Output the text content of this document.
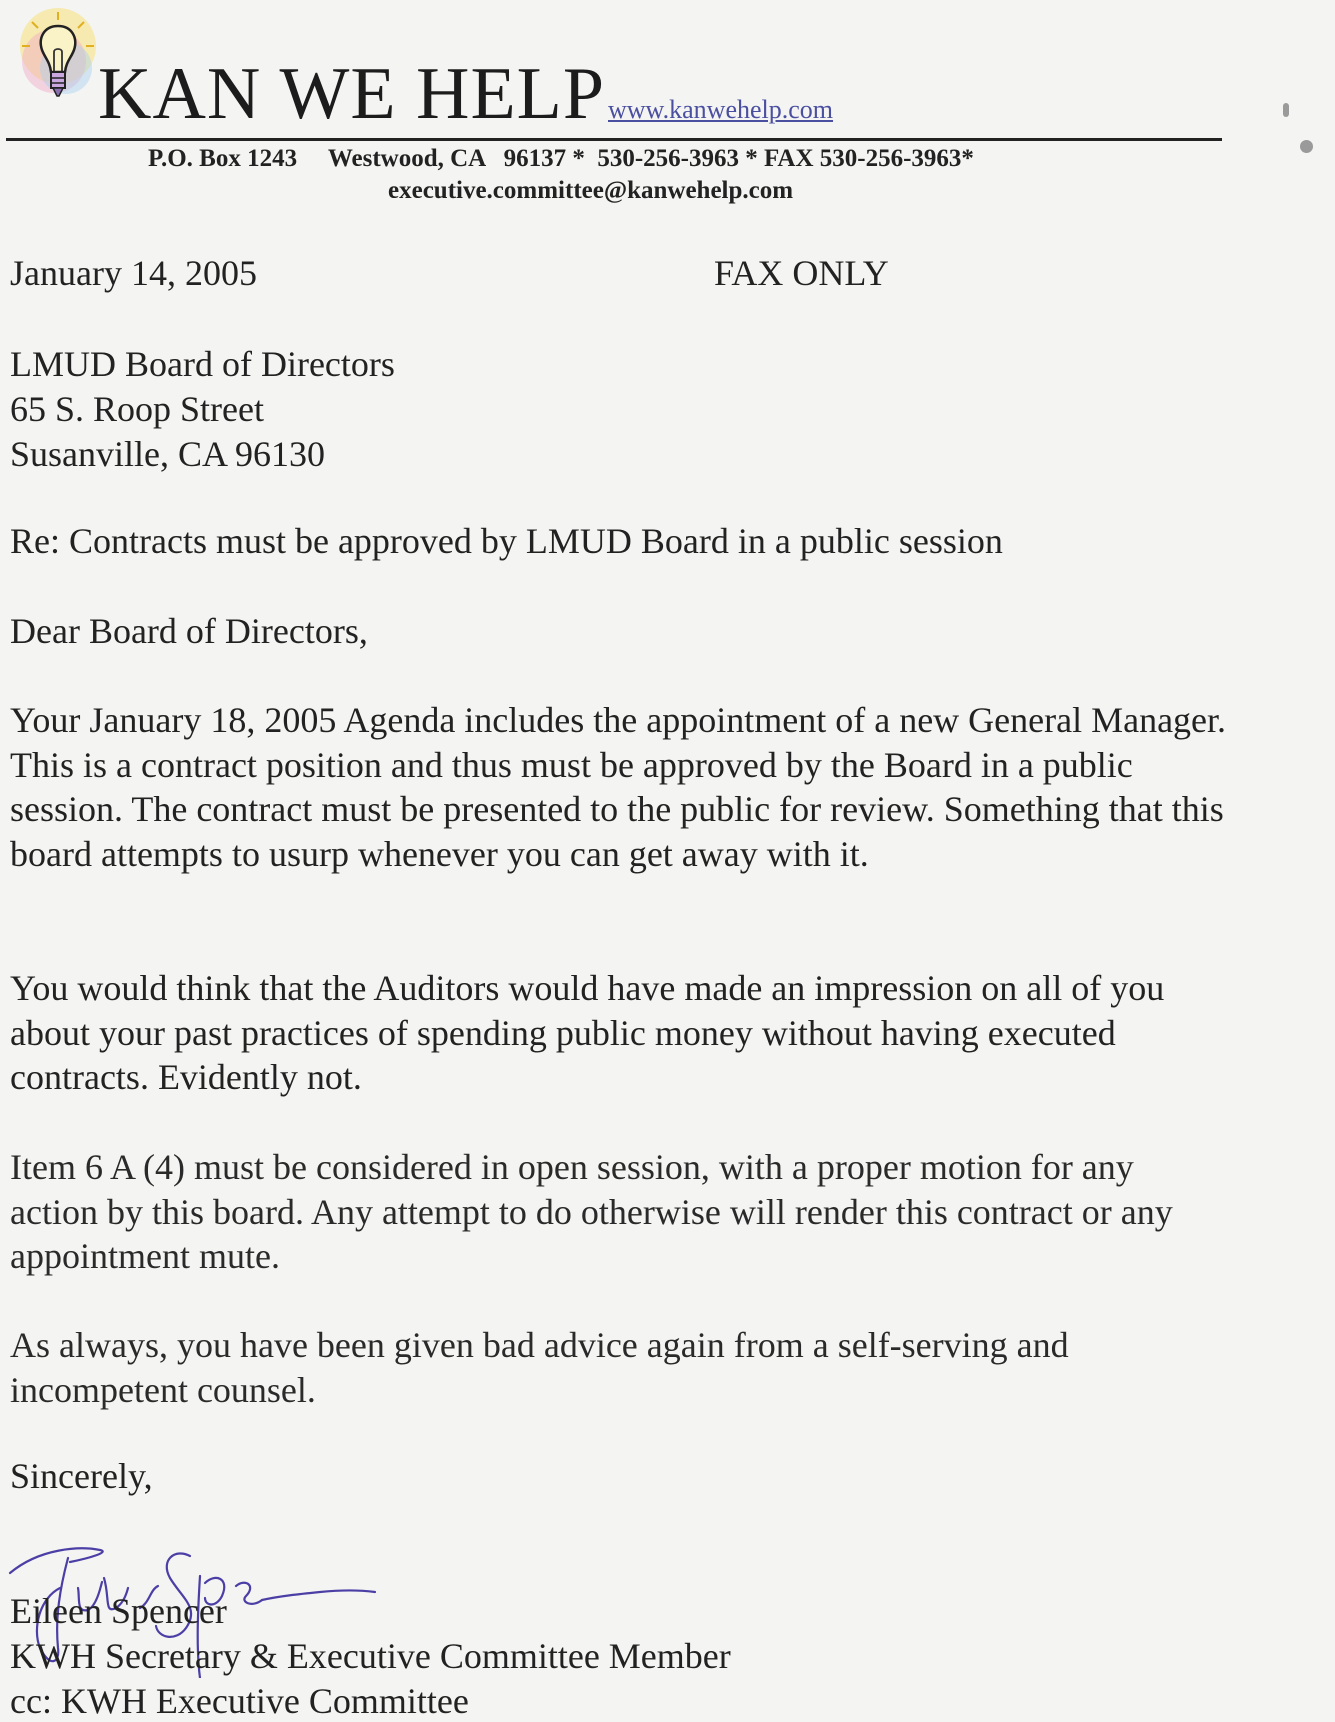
KAN WE HELP www.kanwehelp.com
P.O. Box 1243     Westwood, CA   96137 *  530-256-3963 * FAX 530-256-3963*
executive.committee@kanwehelp.com
January 14, 2005	FAX ONLY
LMUD Board of Directors
65 S. Roop Street
Susanville, CA 96130
Re: Contracts must be approved by LMUD Board in a public session
Dear Board of Directors,
Your January 18, 2005 Agenda includes the appointment of a new General Manager. This is a contract position and thus must be approved by the Board in a public session. The contract must be presented to the public for review. Something that this board attempts to usurp whenever you can get away with it.
You would think that the Auditors would have made an impression on all of you about your past practices of spending public money without having executed contracts. Evidently not.
Item 6 A (4) must be considered in open session, with a proper motion for any action by this board. Any attempt to do otherwise will render this contract or any appointment mute.
As always, you have been given bad advice again from a self-serving and incompetent counsel.
Sincerely,
Eileen Spencer
KWH Secretary & Executive Committee Member
cc: KWH Executive Committee
